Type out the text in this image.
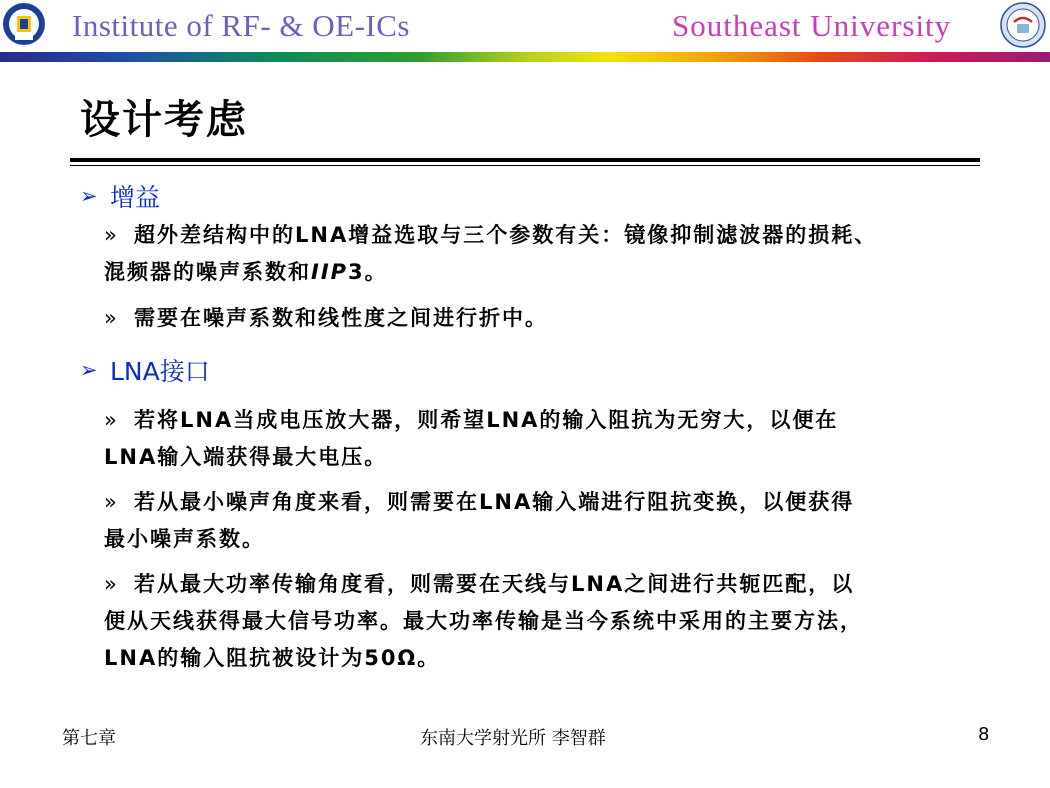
Institute of RF- & OE-ICs	Southeast University
设计考虑
➢ 增益
» 超外差结构中的LNA增益选取与三个参数有关：镜像抑制滤波器的损耗、
混频器的噪声系数和IIP3。
» 需要在噪声系数和线性度之间进行折中。
➢ LNA接口
» 若将LNA当成电压放大器，则希望LNA的输入阻抗为无穷大，以便在
LNA输入端获得最大电压。
» 若从最小噪声角度来看，则需要在LNA输入端进行阻抗变换，以便获得
最小噪声系数。
» 若从最大功率传输角度看，则需要在天线与LNA之间进行共轭匹配，以
便从天线获得最大信号功率。最大功率传输是当今系统中采用的主要方法，
LNA的输入阻抗被设计为50Ω。
第七章	东南大学射光所 李智群	8
